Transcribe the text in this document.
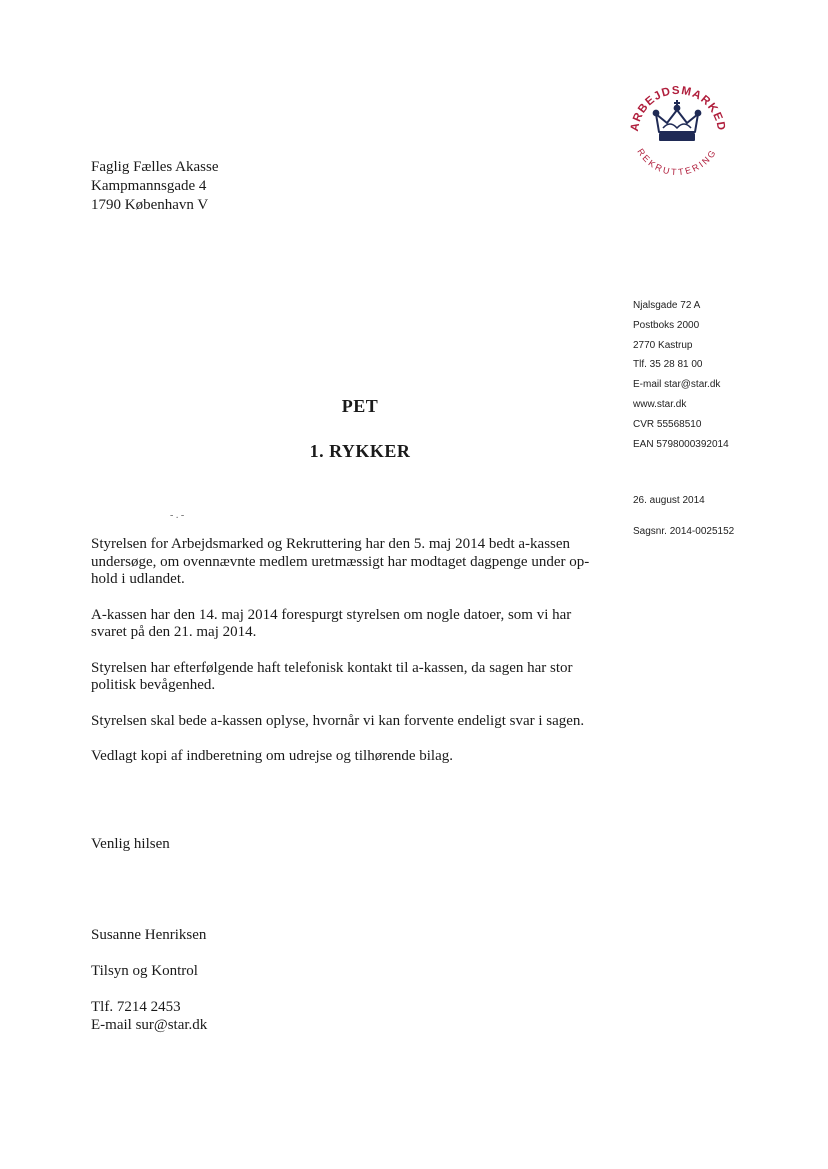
ARBEJDSMARKED
REKRUTTERING
Faglig Fælles Akasse
Kampmannsgade 4
1790 København V
Njalsgade 72 A
Postboks 2000
2770 Kastrup
Tlf. 35 28 81 00
E-mail star@star.dk
www.star.dk
CVR 55568510
EAN 5798000392014
26. august 2014
Sagsnr. 2014-0025152
PET
1. RYKKER
- . -

Styrelsen for Arbejdsmarked og Rekruttering har den 5. maj 2014 bedt a-kassen undersøge, om ovennævnte medlem uretmæssigt har modtaget dagpenge under op-hold i udlandet.

A-kassen har den 14. maj 2014 forespurgt styrelsen om nogle datoer, som vi har svaret på den 21. maj 2014.

Styrelsen har efterfølgende haft telefonisk kontakt til a-kassen, da sagen har stor politisk bevågenhed.

Styrelsen skal bede a-kassen oplyse, hvornår vi kan forvente endeligt svar i sagen.

Vedlagt kopi af indberetning om udrejse og tilhørende bilag.

Venlig hilsen
Susanne Henriksen
Tilsyn og Kontrol
Tlf. 7214 2453
E-mail sur@star.dk
